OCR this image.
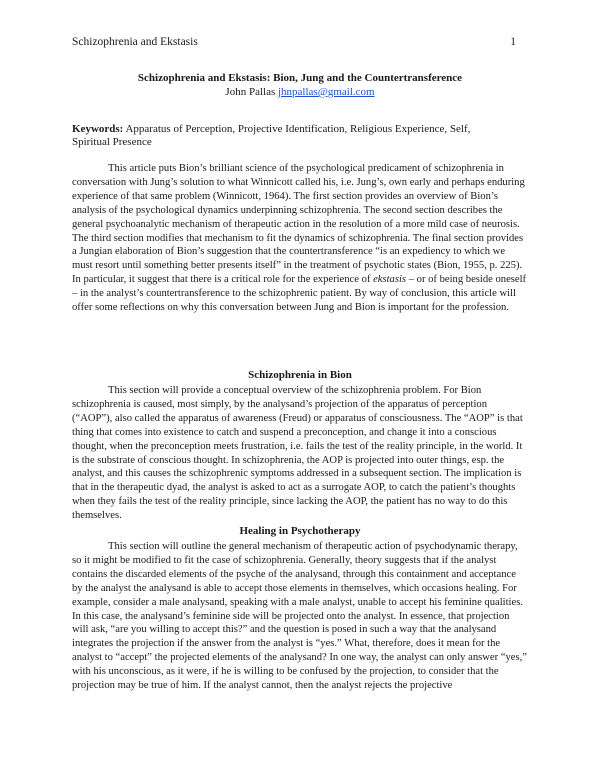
Schizophrenia and Ekstasis	1
Schizophrenia and Ekstasis: Bion, Jung and the Countertransference
John Pallas jhnpallas@gmail.com
Keywords: Apparatus of Perception, Projective Identification, Religious Experience, Self, Spiritual Presence

This article puts Bion’s brilliant science of the psychological predicament of schizophrenia in conversation with Jung’s solution to what Winnicott called his, i.e. Jung’s, own early and perhaps enduring experience of that same problem (Winnicott, 1964). The first section provides an overview of Bion’s analysis of the psychological dynamics underpinning schizophrenia. The second section describes the general psychoanalytic mechanism of therapeutic action in the resolution of a more mild case of neurosis. The third section modifies that mechanism to fit the dynamics of schizophrenia. The final section provides a Jungian elaboration of Bion’s suggestion that the countertransference “is an expediency to which we must resort until something better presents itself” in the treatment of psychotic states (Bion, 1955, p. 225). In particular, it suggest that there is a critical role for the experience of ekstasis – or of being beside oneself – in the analyst’s countertransference to the schizophrenic patient. By way of conclusion, this article will offer some reflections on why this conversation between Jung and Bion is important for the profession.

Schizophrenia in Bion

This section will provide a conceptual overview of the schizophrenia problem. For Bion schizophrenia is caused, most simply, by the analysand’s projection of the apparatus of perception (“AOP”), also called the apparatus of awareness (Freud) or apparatus of consciousness. The “AOP” is that thing that comes into existence to catch and suspend a preconception, and change it into a conscious thought, when the preconception meets frustration, i.e. fails the test of the reality principle, in the world. It is the substrate of conscious thought. In schizophrenia, the AOP is projected into outer things, esp. the analyst, and this causes the schizophrenic symptoms addressed in a subsequent section. The implication is that in the therapeutic dyad, the analyst is asked to act as a surrogate AOP, to catch the patient’s thoughts when they fails the test of the reality principle, since lacking the AOP, the patient has no way to do this themselves.

Healing in Psychotherapy

This section will outline the general mechanism of therapeutic action of psychodynamic therapy, so it might be modified to fit the case of schizophrenia. Generally, theory suggests that if the analyst contains the discarded elements of the psyche of the analysand, through this containment and acceptance by the analyst the analysand is able to accept those elements in themselves, which occasions healing. For example, consider a male analysand, speaking with a male analyst, unable to accept his feminine qualities. In this case, the analysand’s feminine side will be projected onto the analyst. In essence, that projection will ask, “are you willing to accept this?” and the question is posed in such a way that the analysand integrates the projection if the answer from the analyst is “yes.” What, therefore, does it mean for the analyst to “accept” the projected elements of the analysand? In one way, the analyst can only answer “yes,” with his unconscious, as it were, if he is willing to be confused by the projection, to consider that the projection may be true of him. If the analyst cannot, then the analyst rejects the projective
